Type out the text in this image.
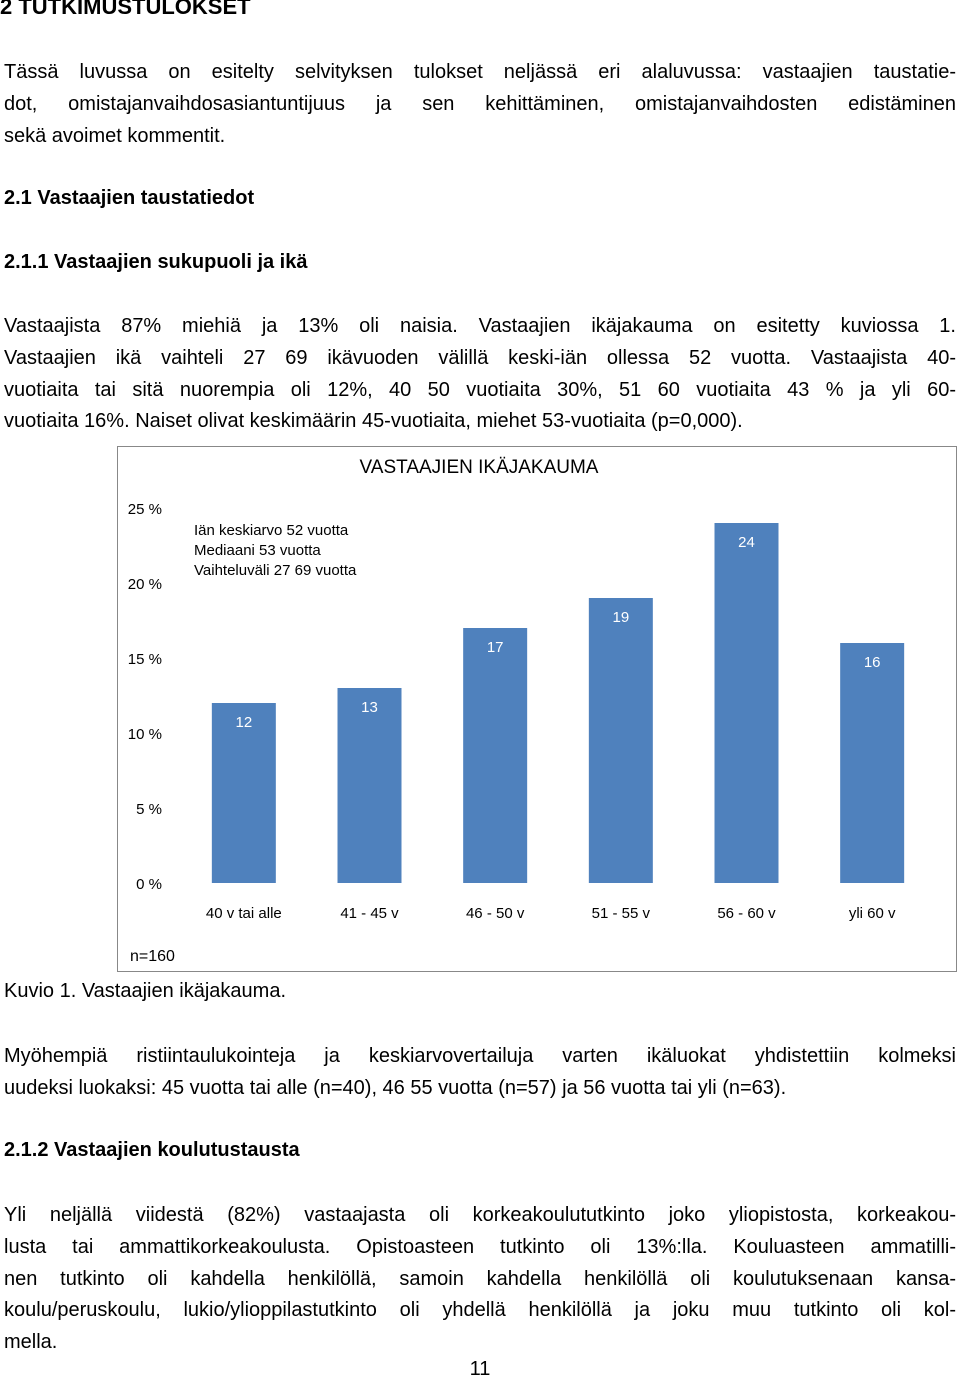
2 TUTKIMUSTULOKSET
Tässä luvussa on esitelty selvityksen tulokset neljässä eri alaluvussa: vastaajien taustatie-
dot, omistajanvaihdosasiantuntijuus ja sen kehittäminen, omistajanvaihdosten edistäminen
sekä avoimet kommentit.
2.1 Vastaajien taustatiedot
2.1.1 Vastaajien sukupuoli ja ikä
Vastaajista 87% miehiä ja 13% oli naisia. Vastaajien ikäjakauma on esitetty kuviossa 1.
Vastaajien ikä vaihteli 27 69 ikävuoden välillä keski-iän ollessa 52 vuotta. Vastaajista 40-
vuotiaita tai sitä nuorempia oli 12%, 40 50 vuotiaita 30%, 51 60 vuotiaita 43 % ja yli 60-
vuotiaita 16%. Naiset olivat keskimäärin 45-vuotiaita, miehet 53-vuotiaita (p=0,000).
VASTAAJIEN IKÄJAKAUMA
0 %
5 %
10 %
15 %
20 %
25 %
12
40 v tai alle
13
41 - 45 v
17
46 - 50 v
19
51 - 55 v
24
56 - 60 v
16
yli 60 v
Iän keskiarvo 52 vuotta
Mediaani 53 vuotta
Vaihteluväli 27 69 vuotta
n=160
Kuvio 1. Vastaajien ikäjakauma.
Myöhempiä ristiintaulukointeja ja keskiarvovertailuja varten ikäluokat yhdistettiin kolmeksi
uudeksi luokaksi: 45 vuotta tai alle (n=40), 46 55 vuotta (n=57) ja 56 vuotta tai yli (n=63).
2.1.2 Vastaajien koulutustausta
Yli neljällä viidestä (82%) vastaajasta oli korkeakoulututkinto joko yliopistosta, korkeakou-
lusta tai ammattikorkeakoulusta. Opistoasteen tutkinto oli 13%:lla. Kouluasteen ammatilli-
nen tutkinto oli kahdella henkilöllä, samoin kahdella henkilöllä oli koulutuksenaan kansa-
koulu/peruskoulu, lukio/ylioppilastutkinto oli yhdellä henkilöllä ja joku muu tutkinto oli kol-
mella.
11
